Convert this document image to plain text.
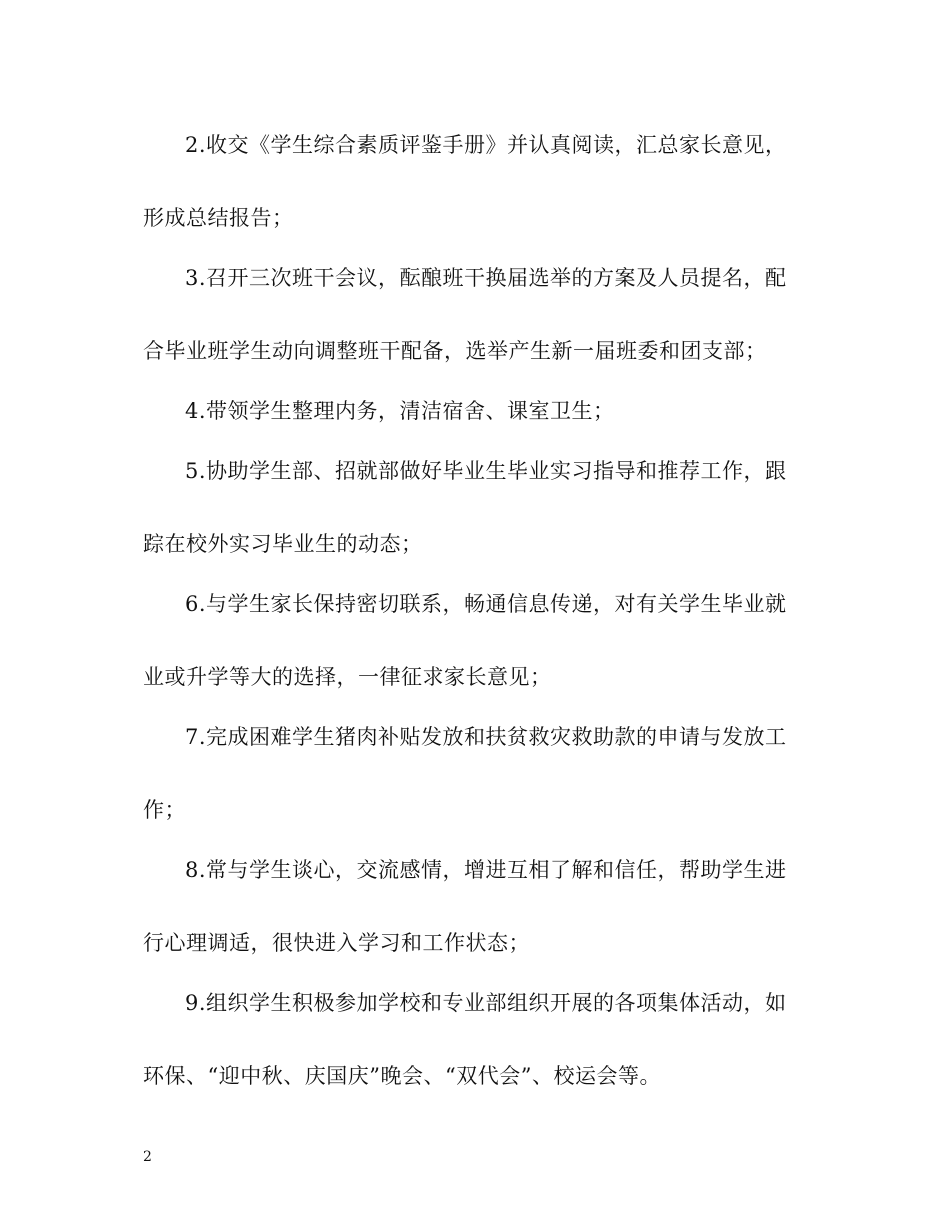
2.收交《学生综合素质评鉴手册》并认真阅读，汇总家长意见，
形成总结报告；
3.召开三次班干会议，酝酿班干换届选举的方案及人员提名，配
合毕业班学生动向调整班干配备，选举产生新一届班委和团支部；
4.带领学生整理内务，清洁宿舍、课室卫生；
5.协助学生部、招就部做好毕业生毕业实习指导和推荐工作，跟
踪在校外实习毕业生的动态；
6.与学生家长保持密切联系，畅通信息传递，对有关学生毕业就
业或升学等大的选择，一律征求家长意见；
7.完成困难学生猪肉补贴发放和扶贫救灾救助款的申请与发放工
作；
8.常与学生谈心，交流感情，增进互相了解和信任，帮助学生进
行心理调适，很快进入学习和工作状态；
9.组织学生积极参加学校和专业部组织开展的各项集体活动，如
环保、“迎中秋、庆国庆”晚会、“双代会”、校运会等。
2
